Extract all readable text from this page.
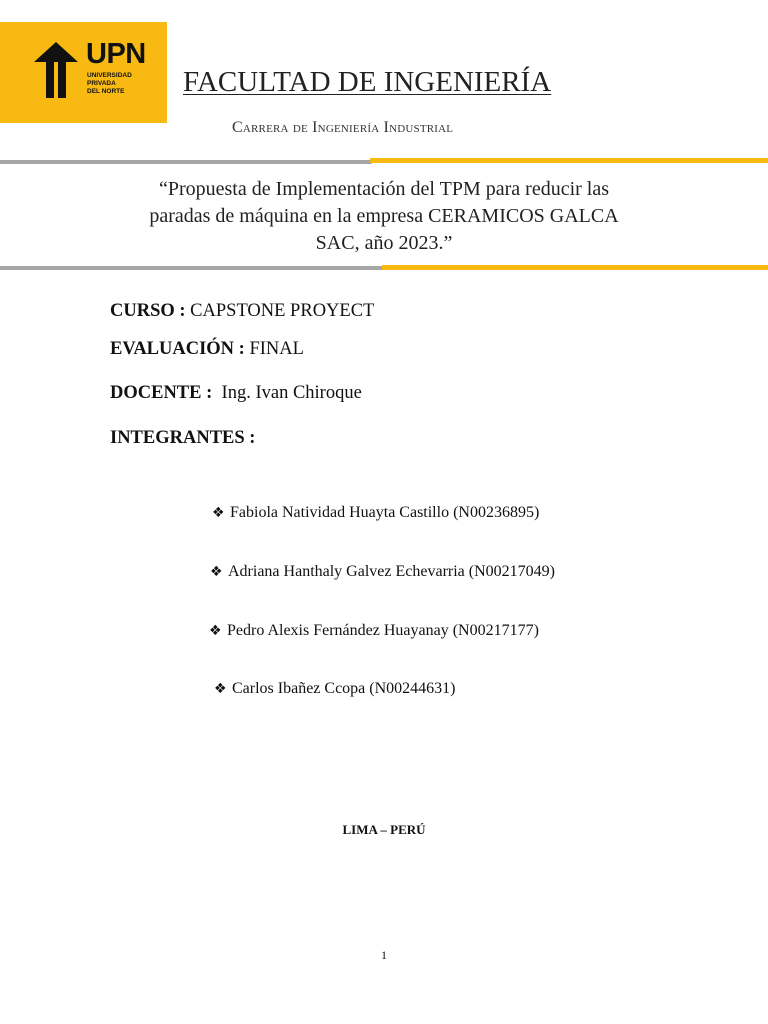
UPN
UNIVERSIDAD
PRIVADA
DEL NORTE FACULTAD DE INGENIERÍA
Carrera de Ingeniería Industrial
“Propuesta de Implementación del TPM para reducir las
paradas de máquina en la empresa CERAMICOS GALCA
SAC, año 2023.”
CURSO : CAPSTONE PROYECT
EVALUACIÓN : FINAL
DOCENTE : Ing. Ivan Chiroque
INTEGRANTES :
❖ Fabiola Natividad Huayta Castillo (N00236895)
❖ Adriana Hanthaly Galvez Echevarria (N00217049)
❖ Pedro Alexis Fernández Huayanay (N00217177)
❖ Carlos Ibañez Ccopa (N00244631)
LIMA – PERÚ
1
